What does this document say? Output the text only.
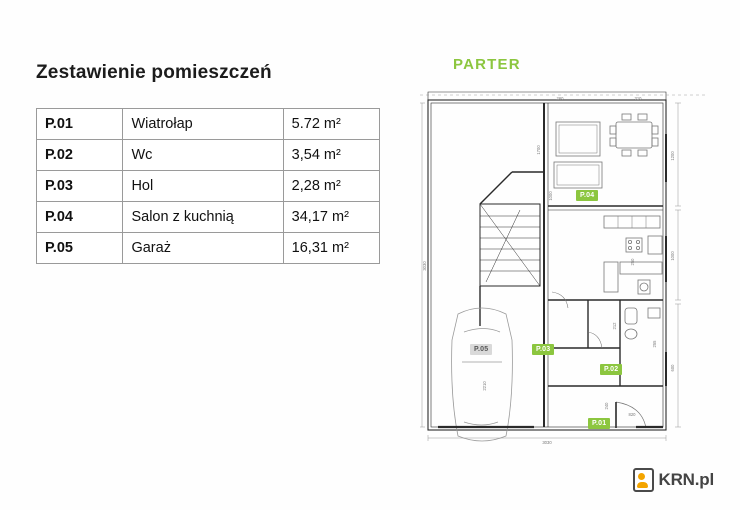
Zestawienie pomieszczeń
P.01	Wiatrołap	5.72 m²
P.02	Wc	3,54 m²
P.03	Hol	2,28 m²
P.04	Salon z kuchnią	34,17 m²
P.05	Garaż	16,31 m²
PARTER
1200
1000
600
3030
3030
1700
1000
212
255
240
820
2210
260	310
250
P.04
P.03
P.02
P.01
P.05
KRN.pl
